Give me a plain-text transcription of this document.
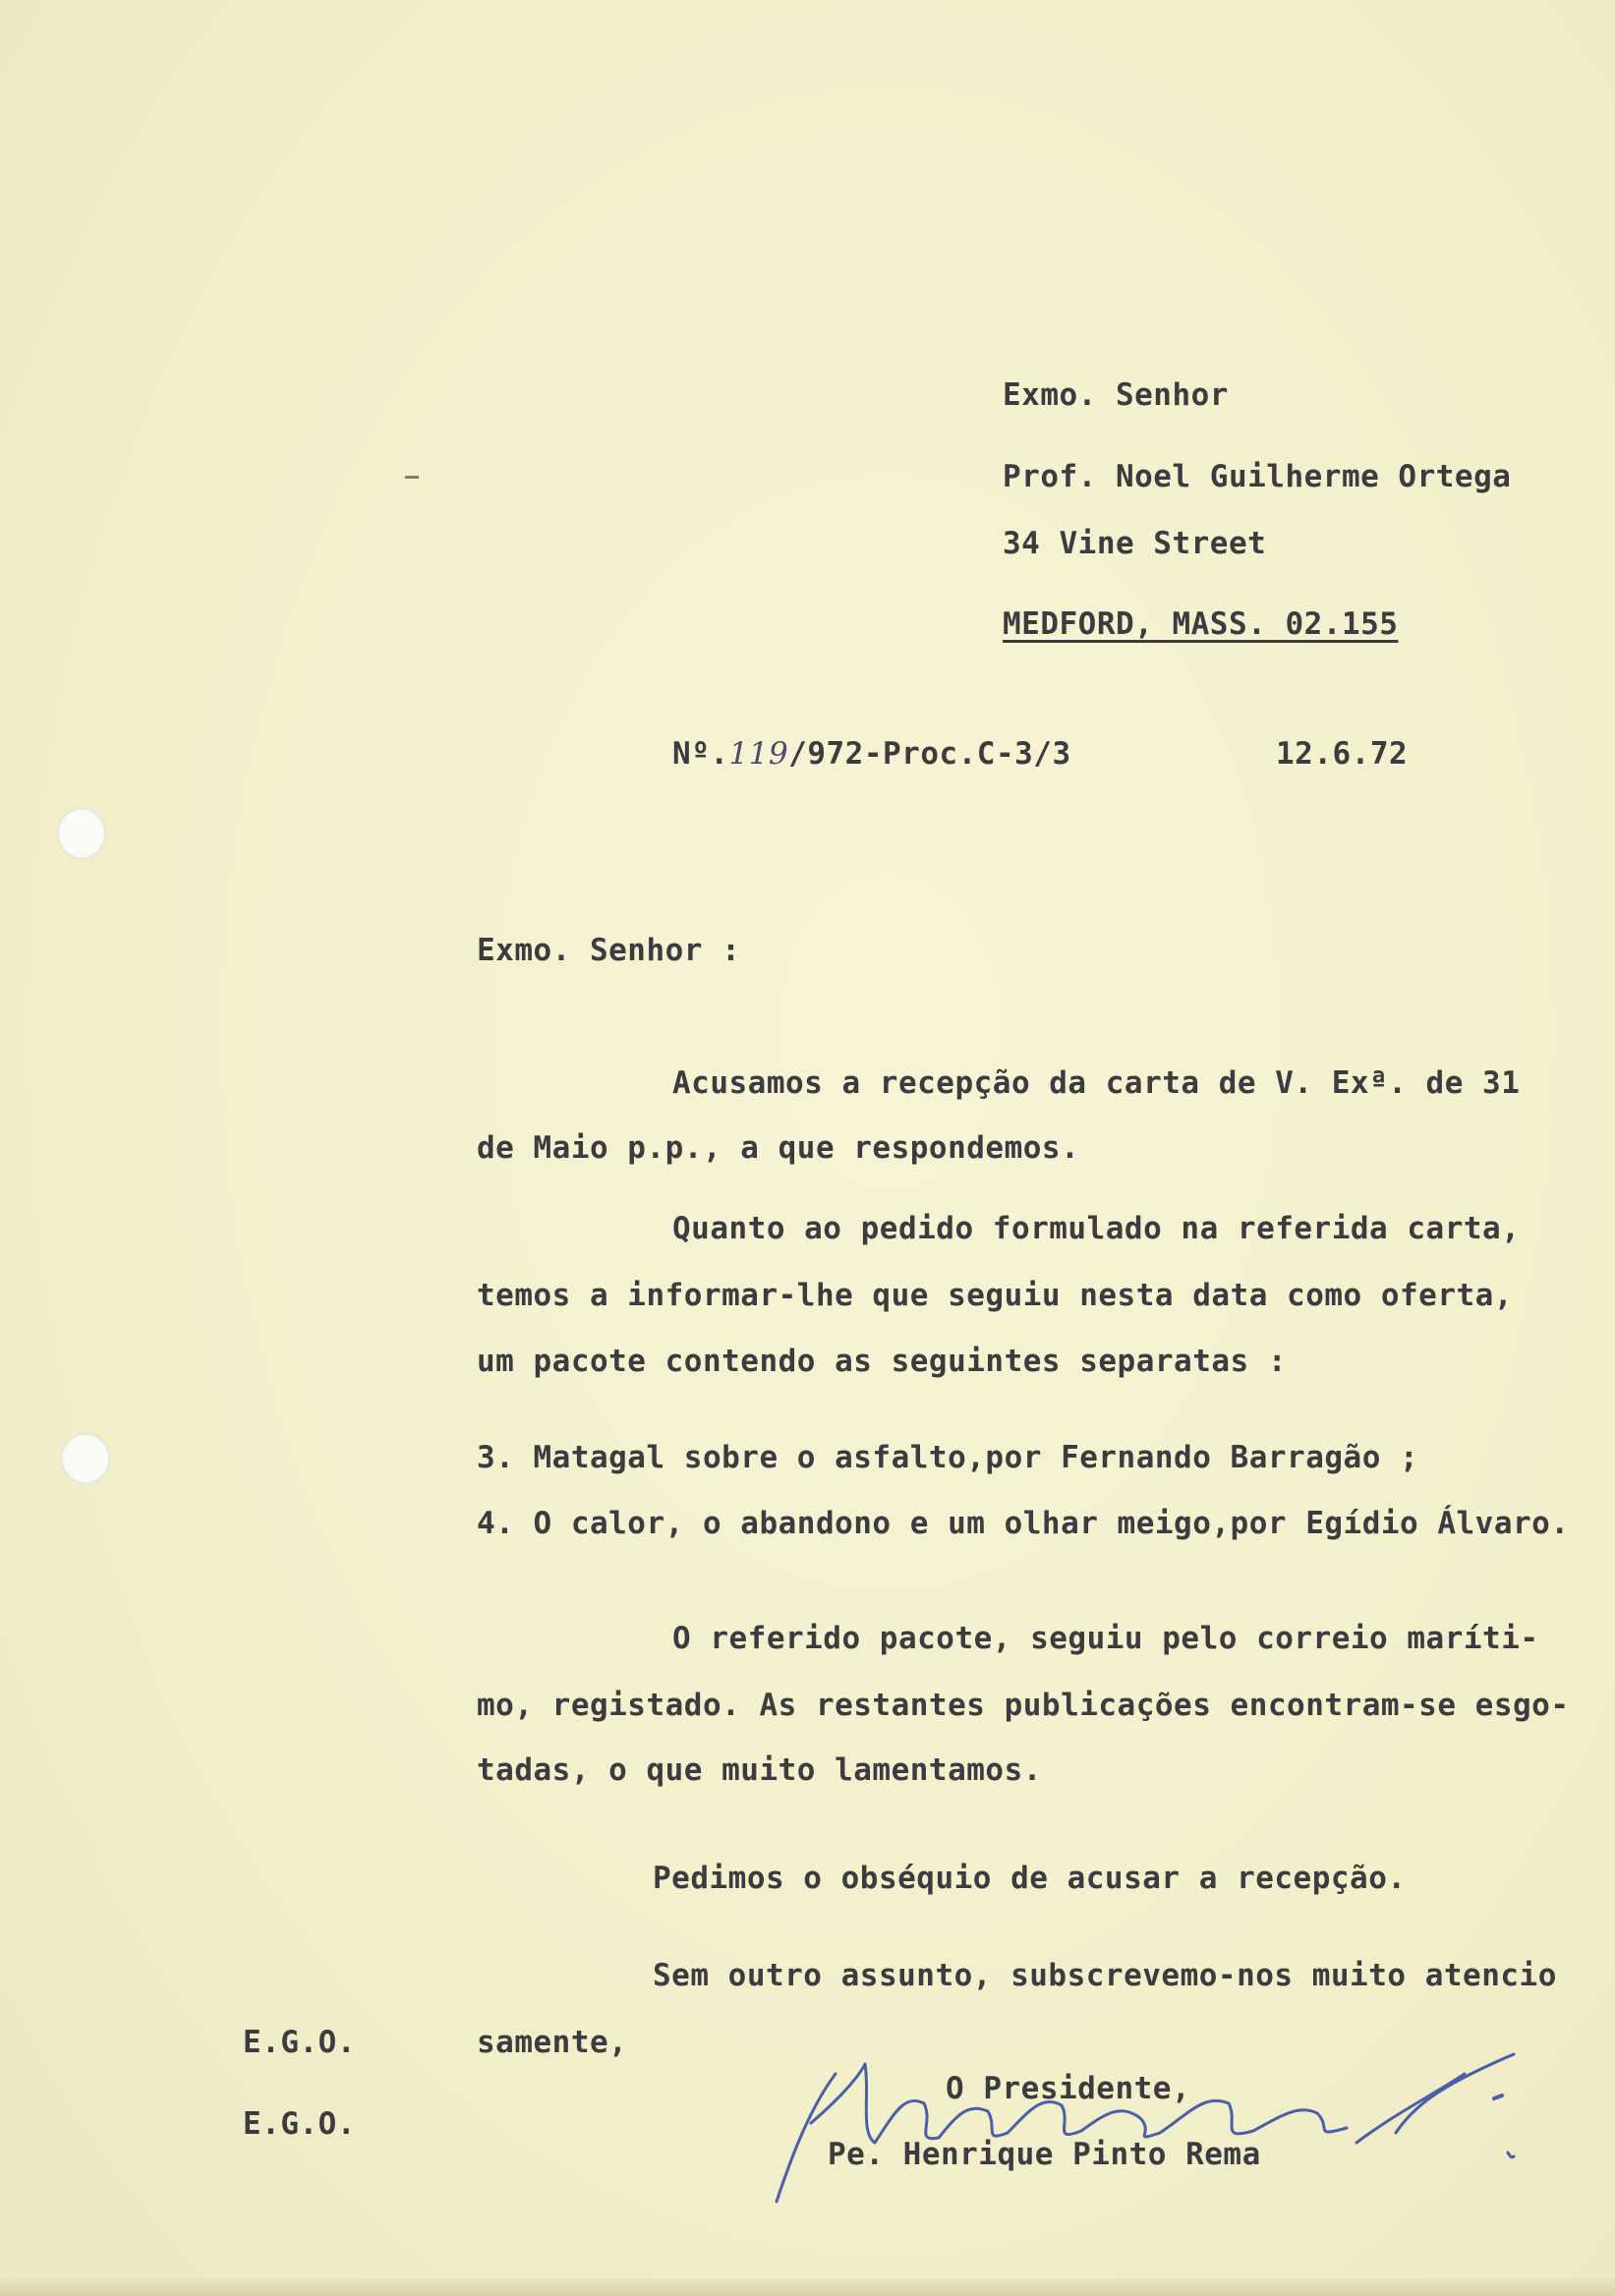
Exmo. Senhor
Prof. Noel Guilherme Ortega
34 Vine Street
MEDFORD, MASS. 02.155
Nº.119/972-Proc.C-3/3	12.6.72
Exmo. Senhor :
Acusamos a recepção da carta de V. Exª. de 31
de Maio p.p., a que respondemos.
Quanto ao pedido formulado na referida carta,
temos a informar-lhe que seguiu nesta data como oferta,
um pacote contendo as seguintes separatas :
3. Matagal sobre o asfalto,por Fernando Barragão ;
4. O calor, o abandono e um olhar meigo,por Egídio Álvaro.
O referido pacote, seguiu pelo correio maríti-
mo, registado. As restantes publicações encontram-se esgo-
tadas, o que muito lamentamos.
Pedimos o obséquio de acusar a recepção.
Sem outro assunto, subscrevemo-nos muito atencio
samente,
E.G.O.
E.G.O.
O Presidente,
Pe. Henrique Pinto Rema
